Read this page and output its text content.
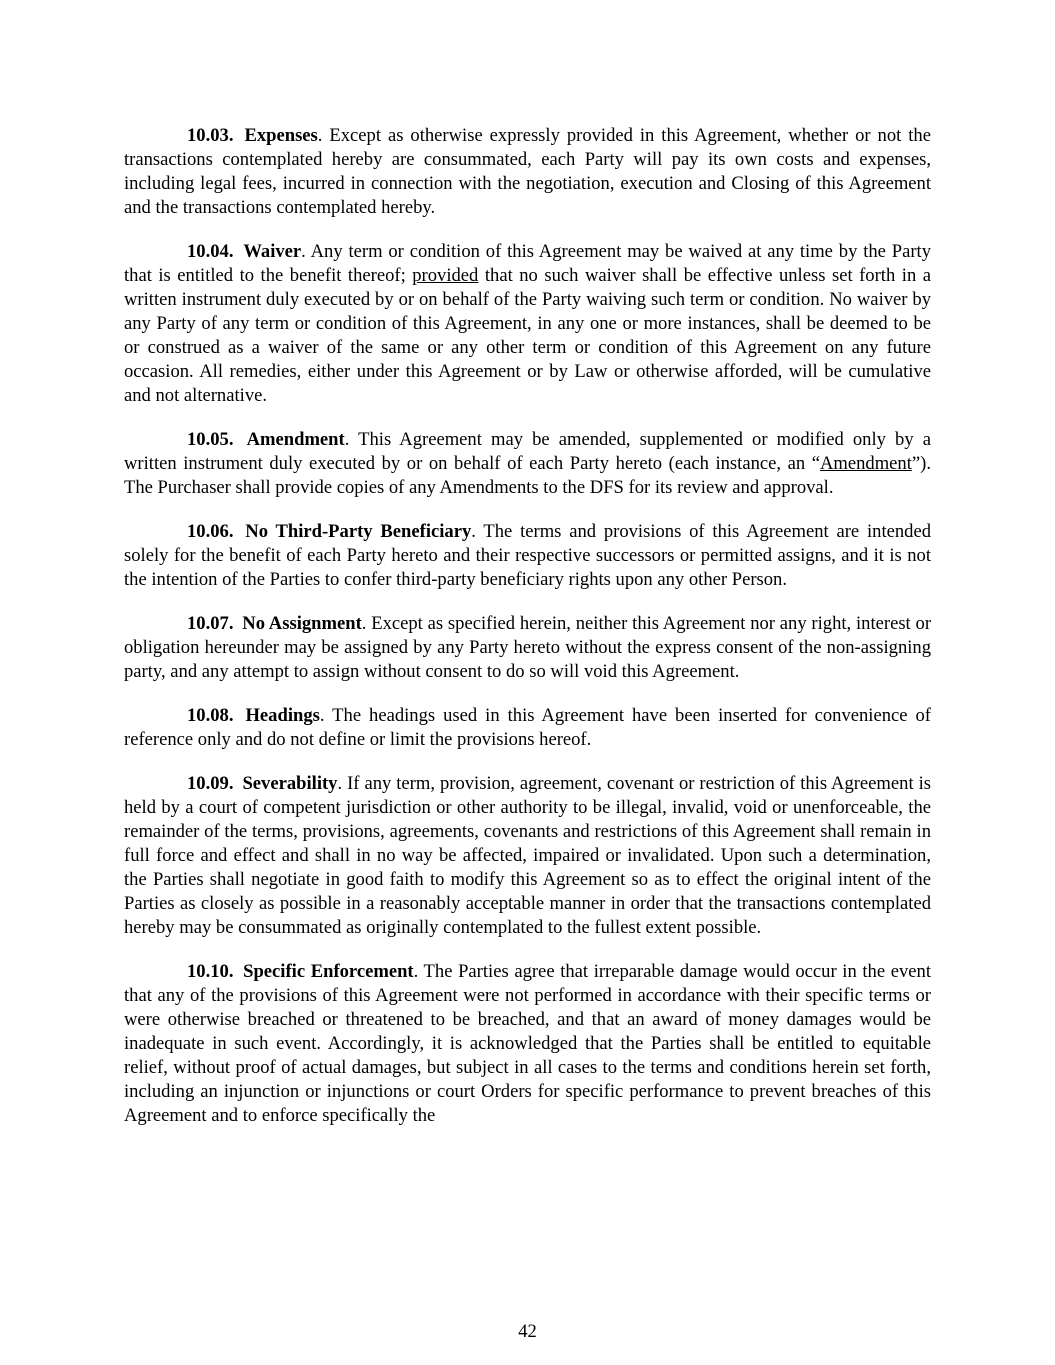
10.03. Expenses. Except as otherwise expressly provided in this Agreement, whether or not the transactions contemplated hereby are consummated, each Party will pay its own costs and expenses, including legal fees, incurred in connection with the negotiation, execution and Closing of this Agreement and the transactions contemplated hereby.

10.04. Waiver. Any term or condition of this Agreement may be waived at any time by the Party that is entitled to the benefit thereof; provided that no such waiver shall be effective unless set forth in a written instrument duly executed by or on behalf of the Party waiving such term or condition. No waiver by any Party of any term or condition of this Agreement, in any one or more instances, shall be deemed to be or construed as a waiver of the same or any other term or condition of this Agreement on any future occasion. All remedies, either under this Agreement or by Law or otherwise afforded, will be cumulative and not alternative.

10.05. Amendment. This Agreement may be amended, supplemented or modified only by a written instrument duly executed by or on behalf of each Party hereto (each instance, an “Amendment”). The Purchaser shall provide copies of any Amendments to the DFS for its review and approval.

10.06. No Third-Party Beneficiary. The terms and provisions of this Agreement are intended solely for the benefit of each Party hereto and their respective successors or permitted assigns, and it is not the intention of the Parties to confer third-party beneficiary rights upon any other Person.

10.07. No Assignment. Except as specified herein, neither this Agreement nor any right, interest or obligation hereunder may be assigned by any Party hereto without the express consent of the non-assigning party, and any attempt to assign without consent to do so will void this Agreement.

10.08. Headings. The headings used in this Agreement have been inserted for convenience of reference only and do not define or limit the provisions hereof.

10.09. Severability. If any term, provision, agreement, covenant or restriction of this Agreement is held by a court of competent jurisdiction or other authority to be illegal, invalid, void or unenforceable, the remainder of the terms, provisions, agreements, covenants and restrictions of this Agreement shall remain in full force and effect and shall in no way be affected, impaired or invalidated. Upon such a determination, the Parties shall negotiate in good faith to modify this Agreement so as to effect the original intent of the Parties as closely as possible in a reasonably acceptable manner in order that the transactions contemplated hereby may be consummated as originally contemplated to the fullest extent possible.

10.10. Specific Enforcement. The Parties agree that irreparable damage would occur in the event that any of the provisions of this Agreement were not performed in accordance with their specific terms or were otherwise breached or threatened to be breached, and that an award of money damages would be inadequate in such event. Accordingly, it is acknowledged that the Parties shall be entitled to equitable relief, without proof of actual damages, but subject in all cases to the terms and conditions herein set forth, including an injunction or injunctions or court Orders for specific performance to prevent breaches of this Agreement and to enforce specifically the

42
